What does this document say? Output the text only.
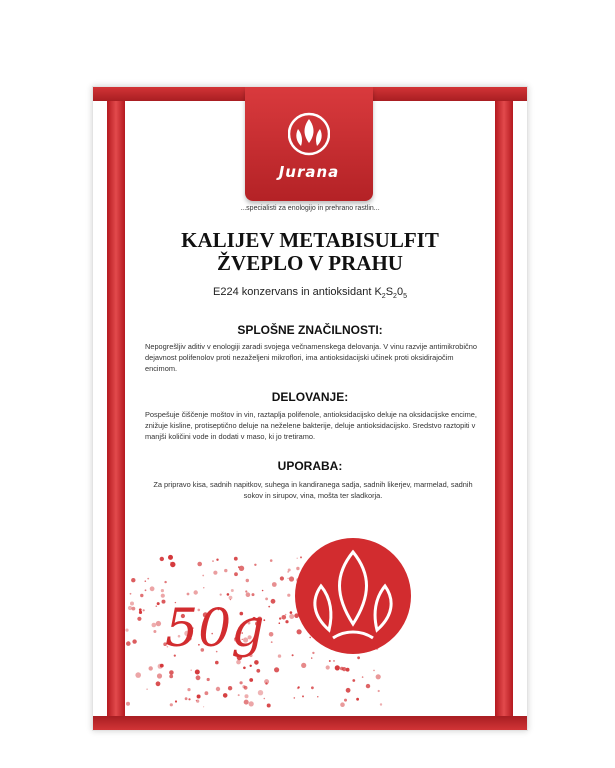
Jurana
...specialisti za enologijo in prehrano rastlin...
KALIJEV METABISULFIT
ŽVEPLO V PRAHU
E224 konzervans in antioksidant $K_2S_20_5$
SPLOŠNE ZNAČILNOSTI:
Nepogrešljiv aditiv v enologiji zaradi svojega večnamenskega delovanja. V vinu razvije antimikrobično dejavnost polifenolov proti nezaželjeni mikroflori, ima antioksidacijski učinek proti oksidirajočim encimom.
DELOVANJE:
Pospešuje čiščenje moštov in vin, raztaplja polifenole, antioksidacijsko deluje na oksidacijske encime, znižuje kisline, protiseptično deluje na neželene bakterije, deluje antioksidacijsko. Sredstvo raztopiti v manjši količini vode in dodati v maso, ki jo tretiramo.
UPORABA:
Za pripravo kisa, sadnih napitkov, suhega in kandiranega sadja, sadnih likerjev, marmelad, sadnih sokov in sirupov, vina, mošta ter sladkorja.
50g
